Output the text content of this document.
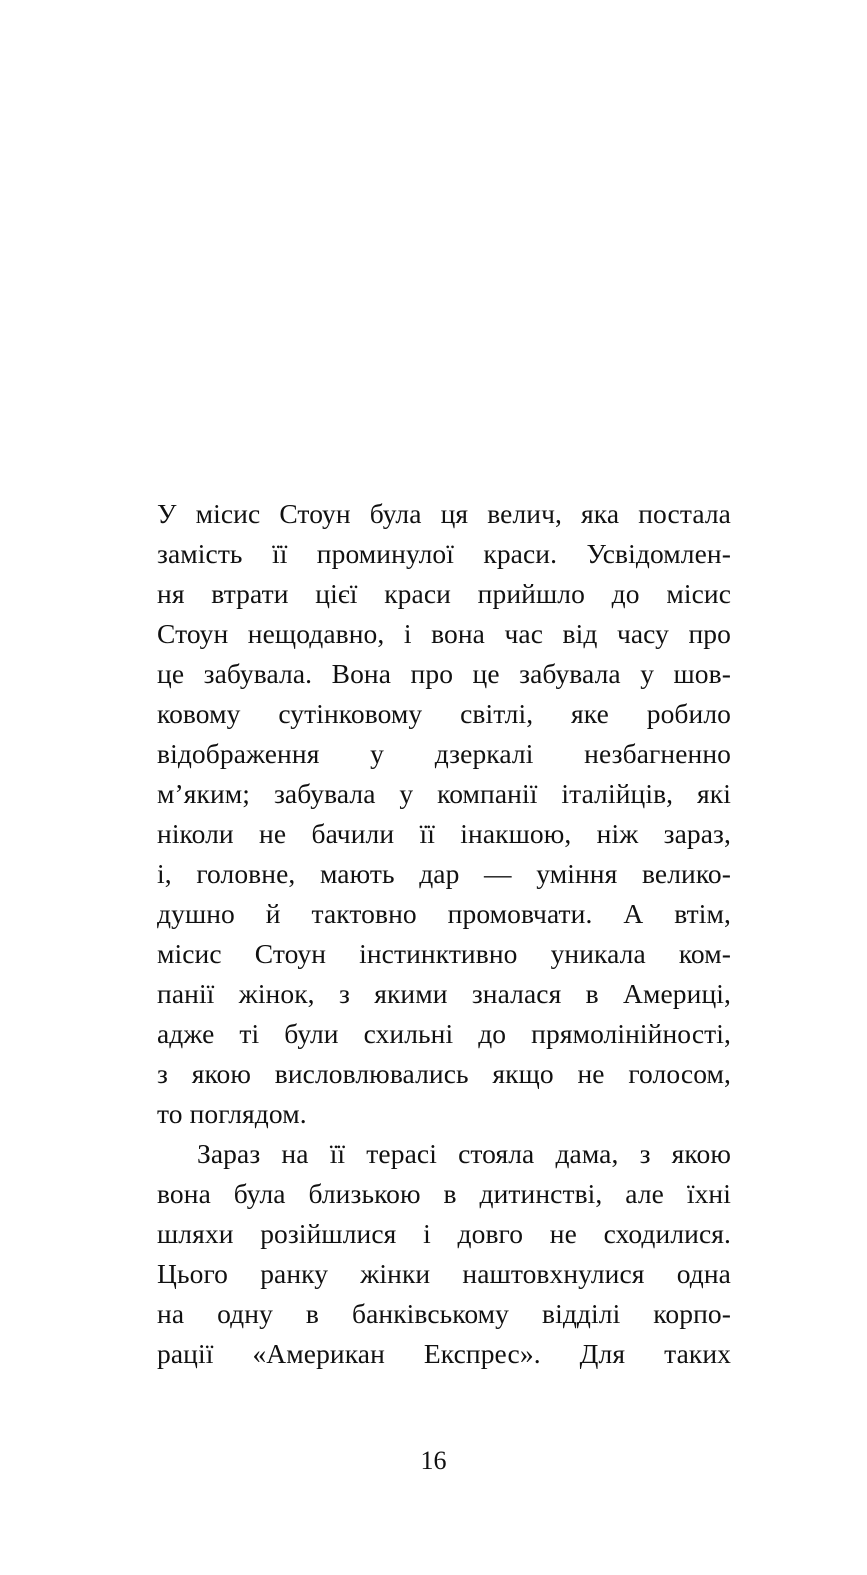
У місис Стоун була ця велич, яка постала
замість її проминулої краси. Усвідомлен-
ня втрати цієї краси прийшло до місис
Стоун нещодавно, і вона час від часу про
це забувала. Вона про це забувала у шов-
ковому сутінковому світлі, яке робило
відображення у дзеркалі незбагненно
м’яким; забувала у компанії італійців, які
ніколи не бачили її інакшою, ніж зараз,
і, головне, мають дар — уміння велико-
душно й тактовно промовчати. А втім,
місис Стоун інстинктивно уникала ком-
панії жінок, з якими зналася в Америці,
адже ті були схильні до прямолінійності,
з якою висловлювались якщо не голосом,
то поглядом.
Зараз на її терасі стояла дама, з якою
вона була близькою в дитинстві, але їхні
шляхи розійшлися і довго не сходилися.
Цього ранку жінки наштовхнулися одна
на одну в банківському відділі корпо-
рації «Американ Експрес». Для таких
16
